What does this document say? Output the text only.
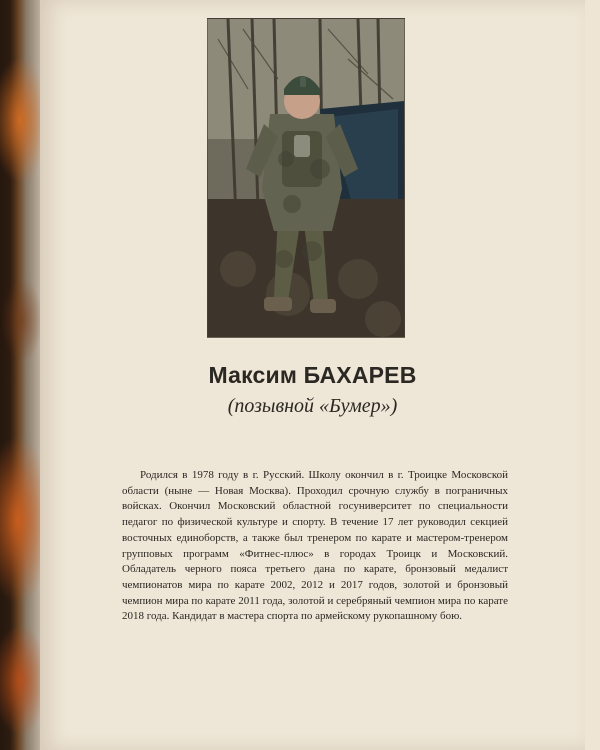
Максим БАХАРЕВ
(позывной «Бумер»)
Родился в 1978 году в г. Русский. Школу окончил в г. Троицке Московской области (ныне — Новая Москва). Проходил срочную службу в пограничных войсках. Окончил Московский областной госуниверситет по специальности педагог по физической культуре и спорту. В течение 17 лет руководил секцией восточных единоборств, а также был тренером по карате и мастером-тренером групповых программ «Фитнес-плюс» в городах Троицк и Московский. Обладатель черного пояса третьего дана по карате, бронзовый медалист чемпионатов мира по карате 2002, 2012 и 2017 годов, золотой и бронзовый чемпион мира по карате 2011 года, золотой и серебряный чемпион мира по карате 2018 года. Кандидат в мастера спорта по армейскому рукопашному бою.
